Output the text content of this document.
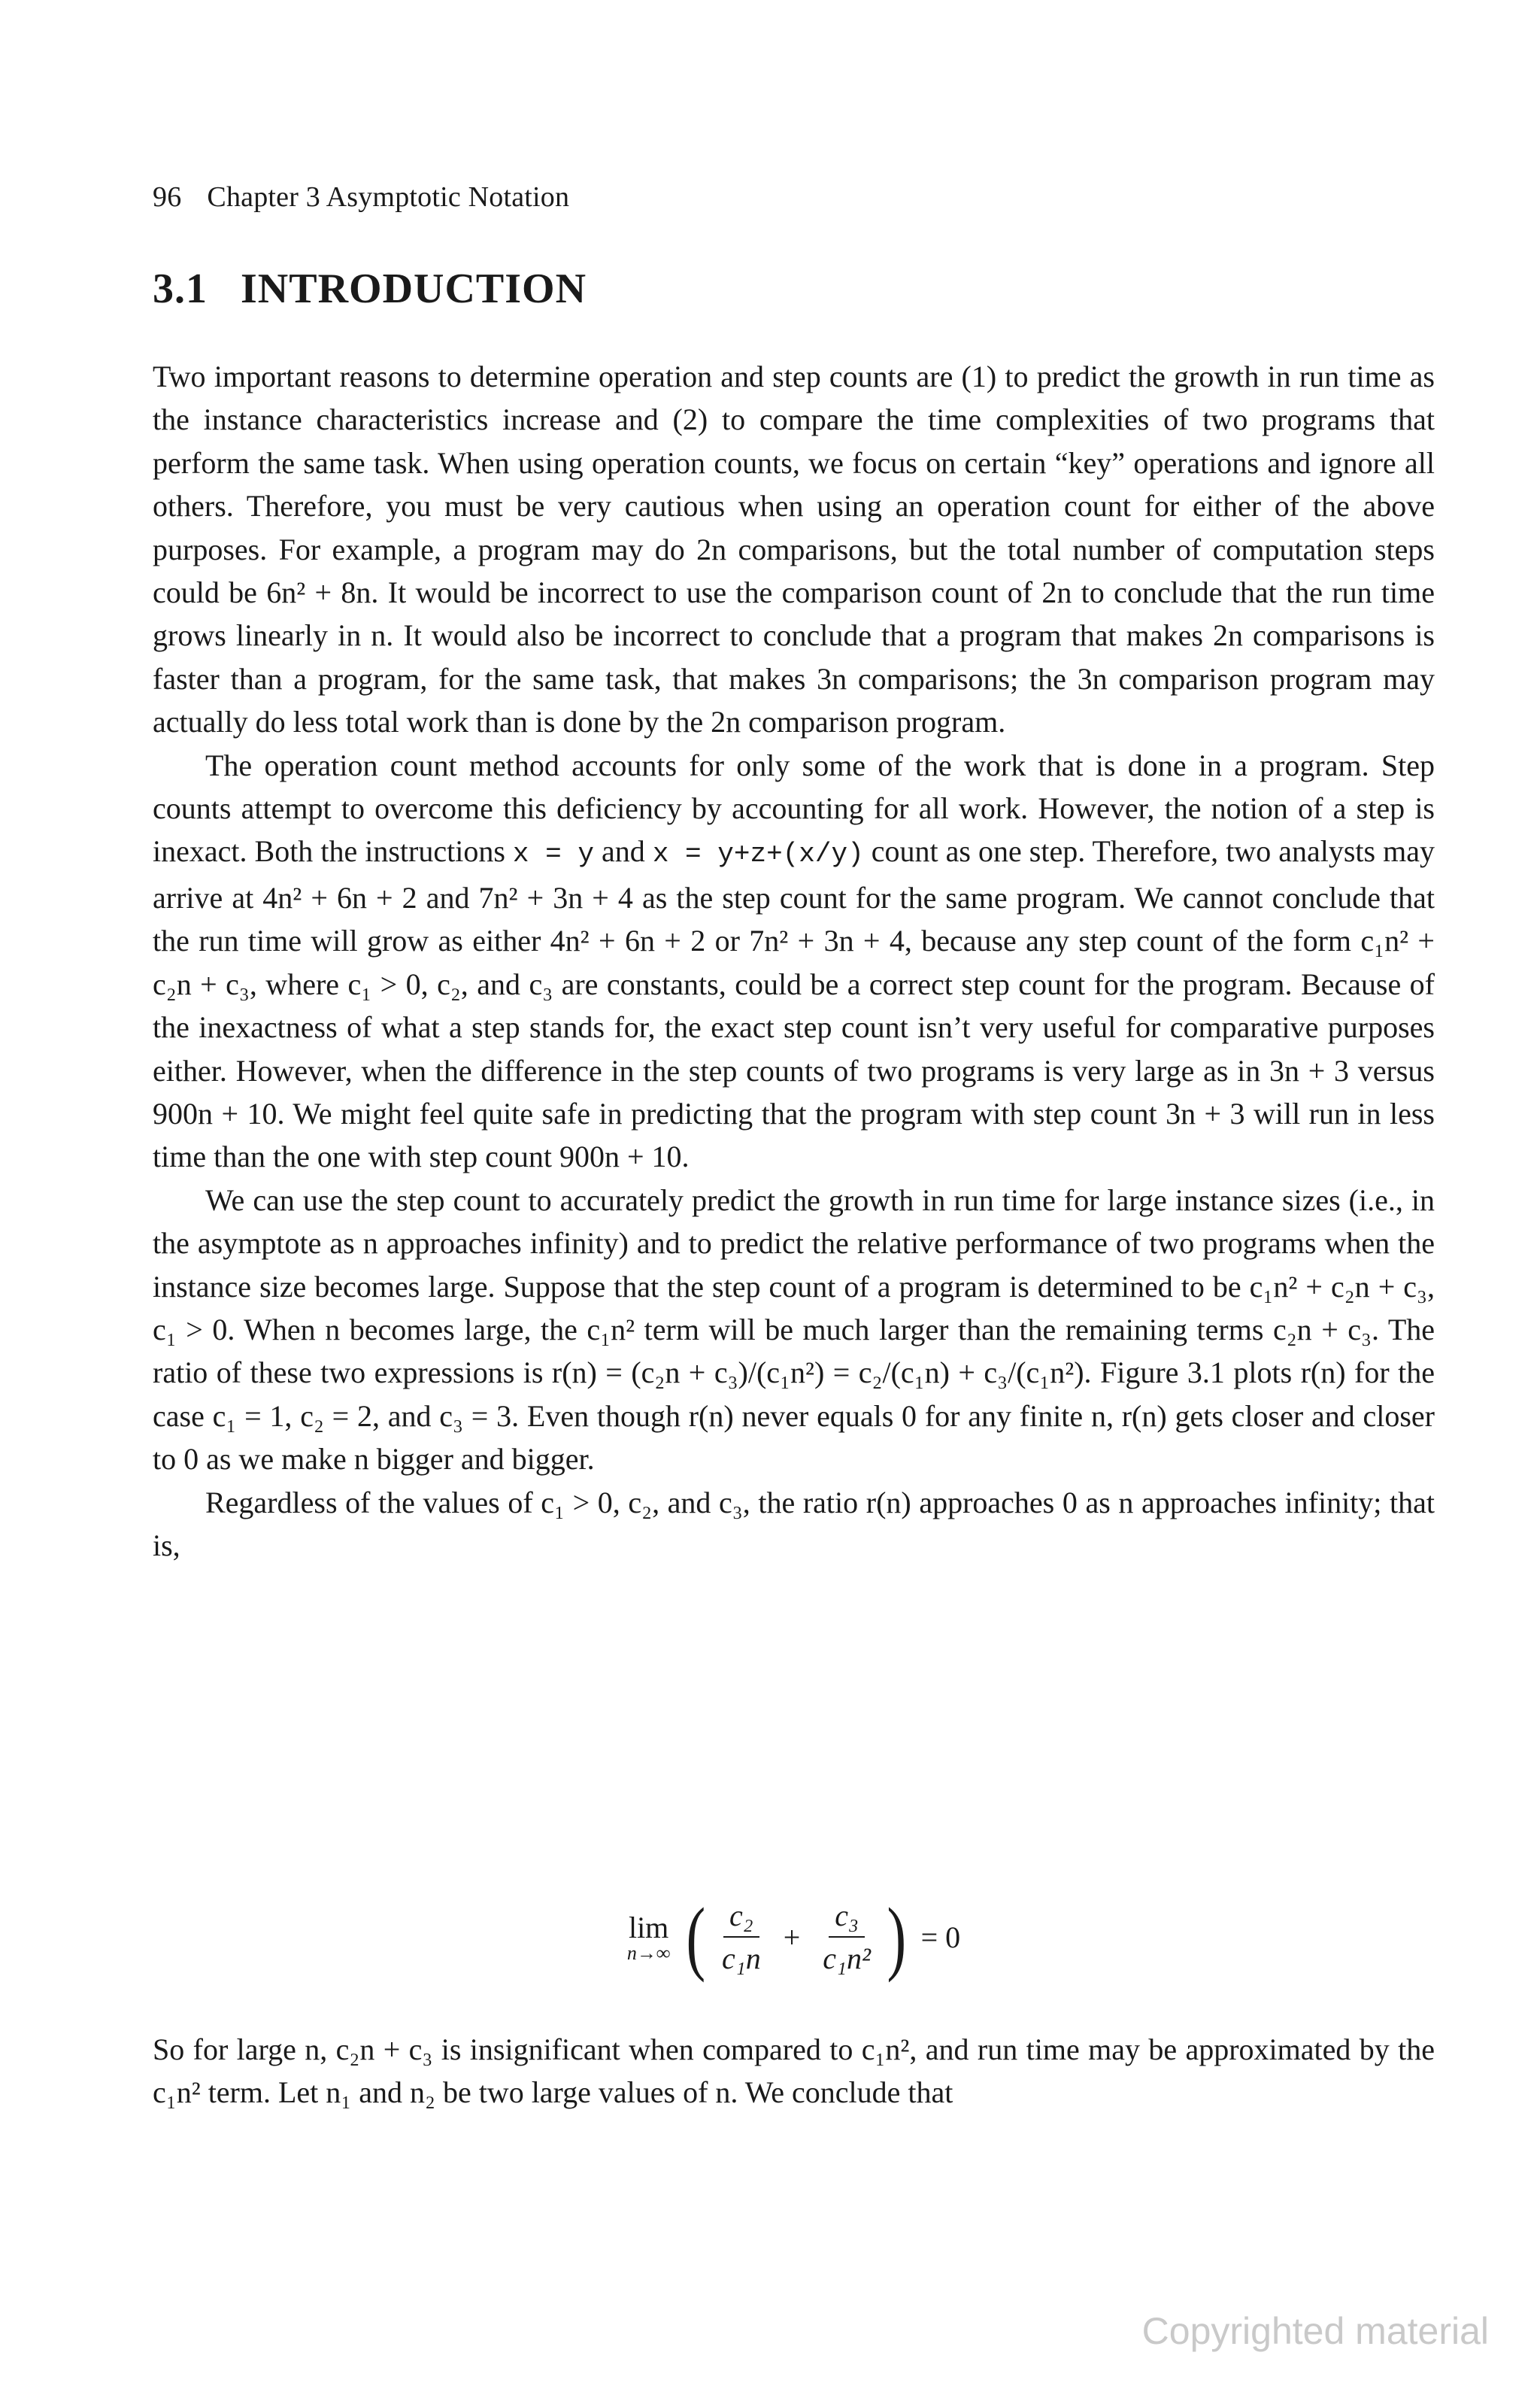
96 Chapter 3 Asymptotic Notation
3.1 INTRODUCTION

Two important reasons to determine operation and step counts are (1) to predict the growth in run time as the instance characteristics increase and (2) to compare the time complexities of two programs that perform the same task. When using operation counts, we focus on certain “key” operations and ignore all others. Therefore, you must be very cautious when using an operation count for either of the above purposes. For example, a program may do 2n comparisons, but the total number of computation steps could be 6n² + 8n. It would be incorrect to use the comparison count of 2n to conclude that the run time grows linearly in n. It would also be incorrect to conclude that a program that makes 2n comparisons is faster than a program, for the same task, that makes 3n comparisons; the 3n comparison program may actually do less total work than is done by the 2n comparison program.

The operation count method accounts for only some of the work that is done in a program. Step counts attempt to overcome this deficiency by accounting for all work. However, the notion of a step is inexact. Both the instructions x = y and x = y+z+(x/y) count as one step. Therefore, two analysts may arrive at 4n² + 6n + 2 and 7n² + 3n + 4 as the step count for the same program. We cannot conclude that the run time will grow as either 4n² + 6n + 2 or 7n² + 3n + 4, because any step count of the form c₁n² + c₂n + c₃, where c₁ > 0, c₂, and c₃ are constants, could be a correct step count for the program. Because of the inexactness of what a step stands for, the exact step count isn’t very useful for comparative purposes either. However, when the difference in the step counts of two programs is very large as in 3n + 3 versus 900n + 10. We might feel quite safe in predicting that the program with step count 3n + 3 will run in less time than the one with step count 900n + 10.

We can use the step count to accurately predict the growth in run time for large instance sizes (i.e., in the asymptote as n approaches infinity) and to predict the relative performance of two programs when the instance size becomes large. Suppose that the step count of a program is determined to be c₁n² + c₂n + c₃, c₁ > 0. When n becomes large, the c₁n² term will be much larger than the remaining terms c₂n + c₃. The ratio of these two expressions is r(n) = (c₂n + c₃)/(c₁n²) = c₂/(c₁n) + c₃/(c₁n²). Figure 3.1 plots r(n) for the case c₁ = 1, c₂ = 2, and c₃ = 3. Even though r(n) never equals 0 for any finite n, r(n) gets closer and closer to 0 as we make n bigger and bigger.

Regardless of the values of c₁ > 0, c₂, and c₃, the ratio r(n) approaches 0 as n approaches infinity; that is,

lim
n→∞ ( $\frac{\text{c₂}}{\text{c₁n}} + \frac{\text{c₃}}{\text{c₁n²}}$ ) = 0

So for large n, c₂n + c₃ is insignificant when compared to c₁n², and run time may be approximated by the c₁n² term. Let n₁ and n₂ be two large values of n. We conclude that

Copyrighted material
